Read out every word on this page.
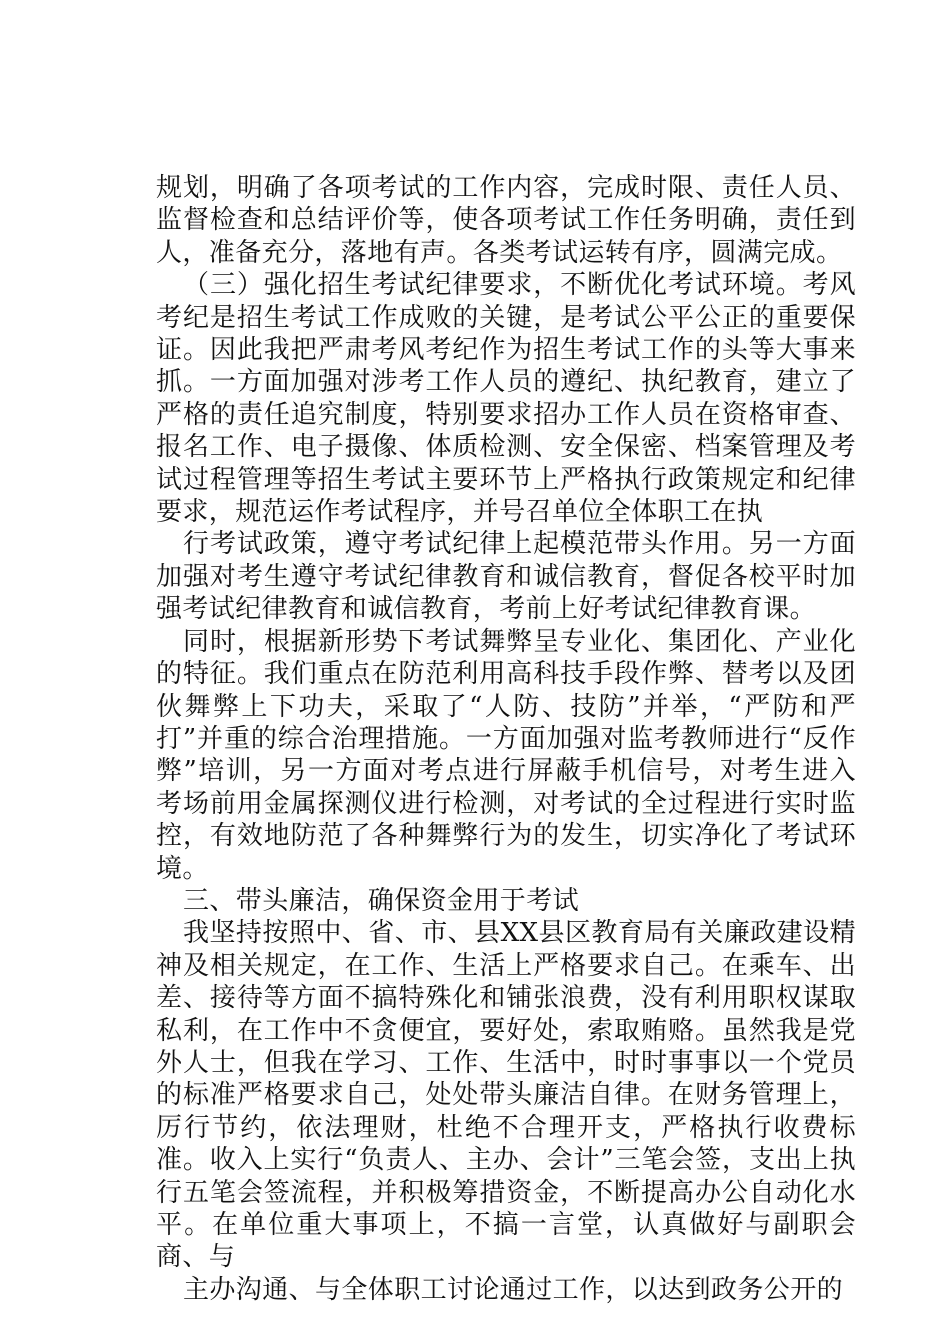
规划，明确了各项考试的工作内容，完成时限、责任人员、监督检查和总结评价等，使各项考试工作任务明确，责任到人，准备充分，落地有声。各类考试运转有序，圆满完成。

（三）强化招生考试纪律要求，不断优化考试环境。考风考纪是招生考试工作成败的关键，是考试公平公正的重要保证。因此我把严肃考风考纪作为招生考试工作的头等大事来抓。一方面加强对涉考工作人员的遵纪、执纪教育，建立了严格的责任追究制度，特别要求招办工作人员在资格审查、报名工作、电子摄像、体质检测、安全保密、档案管理及考试过程管理等招生考试主要环节上严格执行政策规定和纪律要求，规范运作考试程序，并号召单位全体职工在执

行考试政策，遵守考试纪律上起模范带头作用。另一方面加强对考生遵守考试纪律教育和诚信教育，督促各校平时加强考试纪律教育和诚信教育，考前上好考试纪律教育课。

同时，根据新形势下考试舞弊呈专业化、集团化、产业化的特征。我们重点在防范利用高科技手段作弊、替考以及团伙舞弊上下功夫，采取了“人防、技防”并举，“严防和严打”并重的综合治理措施。一方面加强对监考教师进行“反作弊”培训，另一方面对考点进行屏蔽手机信号，对考生进入考场前用金属探测仪进行检测，对考试的全过程进行实时监控，有效地防范了各种舞弊行为的发生，切实净化了考试环境。

三、带头廉洁，确保资金用于考试

我坚持按照中、省、市、县XX县区教育局有关廉政建设精神及相关规定，在工作、生活上严格要求自己。在乘车、出差、接待等方面不搞特殊化和铺张浪费，没有利用职权谋取私利，在工作中不贪便宜，要好处，索取贿赂。虽然我是党外人士，但我在学习、工作、生活中，时时事事以一个党员的标准严格要求自己，处处带头廉洁自律。在财务管理上，厉行节约，依法理财，杜绝不合理开支，严格执行收费标准。收入上实行“负责人、主办、会计”三笔会签，支出上执行五笔会签流程，并积极筹措资金，不断提高办公自动化水平。在单位重大事项上，不搞一言堂，认真做好与副职会商、与

主办沟通、与全体职工讨论通过工作，以达到政务公开的
